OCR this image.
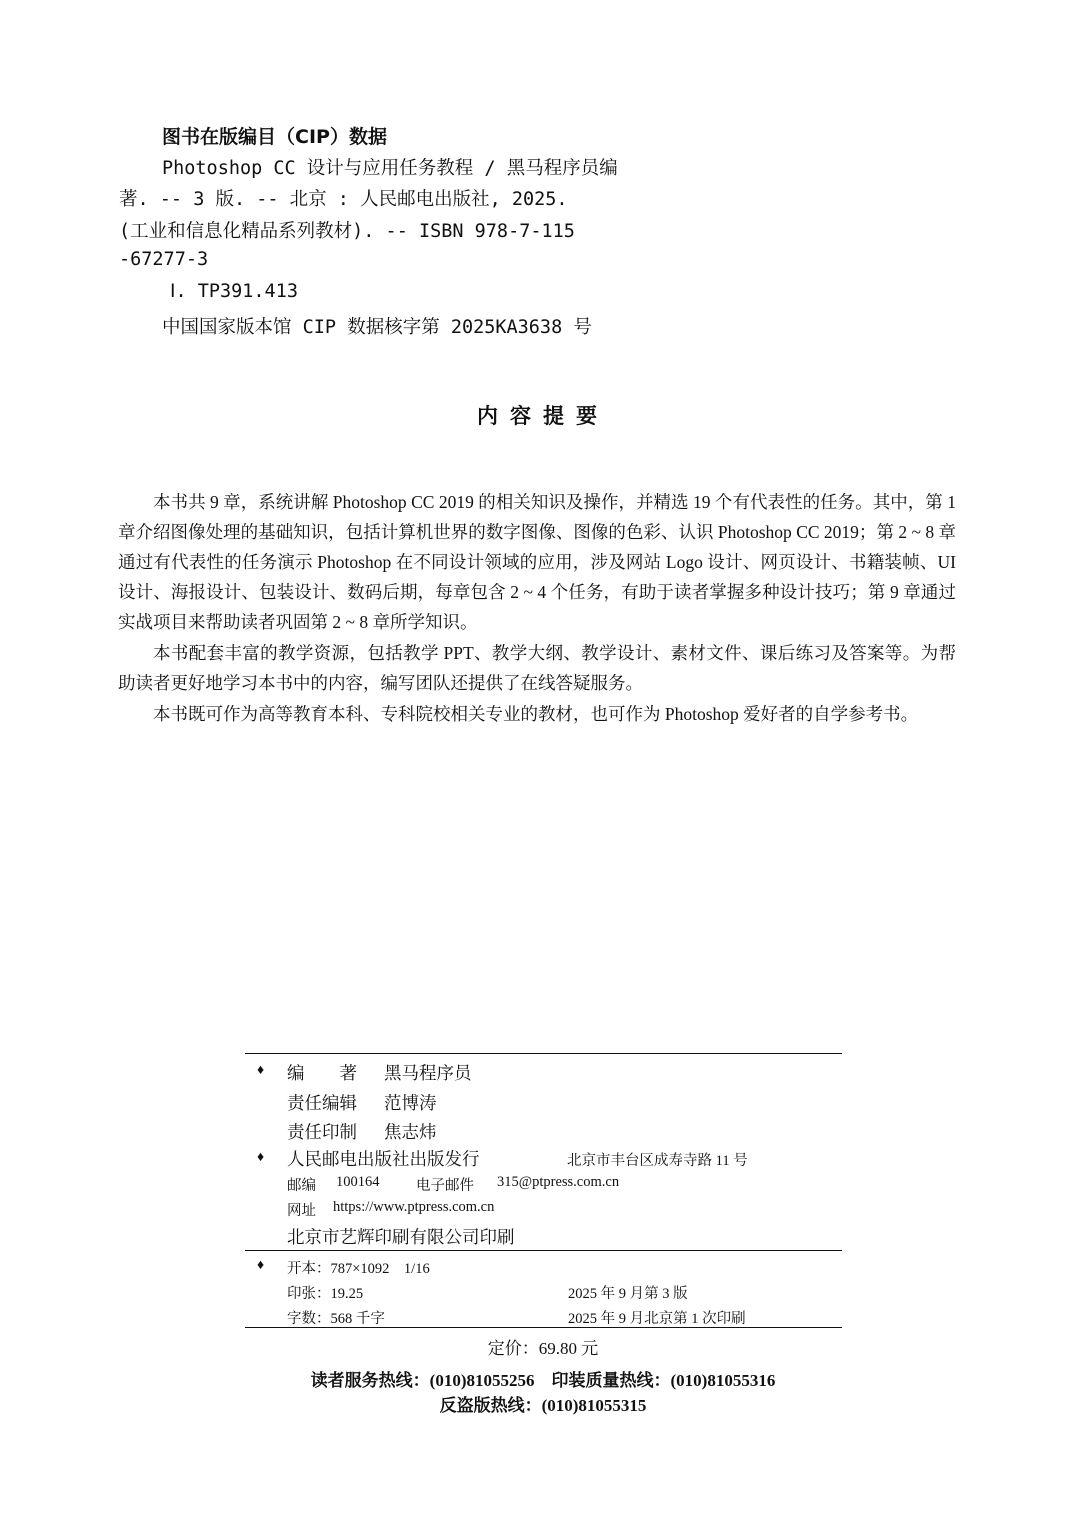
图书在版编目（CIP）数据
Photoshop CC 设计与应用任务教程 / 黑马程序员编
著. -- 3 版. -- 北京 : 人民邮电出版社, 2025.
(工业和信息化精品系列教材). -- ISBN 978-7-115
-67277-3
Ⅰ. TP391.413
中国国家版本馆 CIP 数据核字第 2025KA3638 号
内容提要
本书共 9 章，系统讲解 Photoshop CC 2019 的相关知识及操作，并精选 19 个有代表性的任务。其中，第 1 章介绍图像处理的基础知识，包括计算机世界的数字图像、图像的色彩、认识 Photoshop CC 2019；第 2 ~ 8 章通过有代表性的任务演示 Photoshop 在不同设计领域的应用，涉及网站 Logo 设计、网页设计、书籍装帧、UI 设计、海报设计、包装设计、数码后期，每章包含 2 ~ 4 个任务，有助于读者掌握多种设计技巧；第 9 章通过实战项目来帮助读者巩固第 2 ~ 8 章所学知识。
本书配套丰富的教学资源，包括教学 PPT、教学大纲、教学设计、素材文件、课后练习及答案等。为帮助读者更好地学习本书中的内容，编写团队还提供了在线答疑服务。
本书既可作为高等教育本科、专科院校相关专业的教材，也可作为 Photoshop 爱好者的自学参考书。
♦ 编　　著 黑马程序员
责任编辑 范博涛
责任印制 焦志炜
♦ 人民邮电出版社出版发行	北京市丰台区成寿寺路 11 号
邮编 100164	电子邮件 315@ptpress.com.cn
网址 https://www.ptpress.com.cn
北京市艺辉印刷有限公司印刷
♦ 开本：787×1092　1/16
印张：19.25	2025 年 9 月第 3 版
字数：568 千字	2025 年 9 月北京第 1 次印刷
定价：69.80 元
读者服务热线：(010)81055256　印装质量热线：(010)81055316
反盗版热线：(010)81055315
